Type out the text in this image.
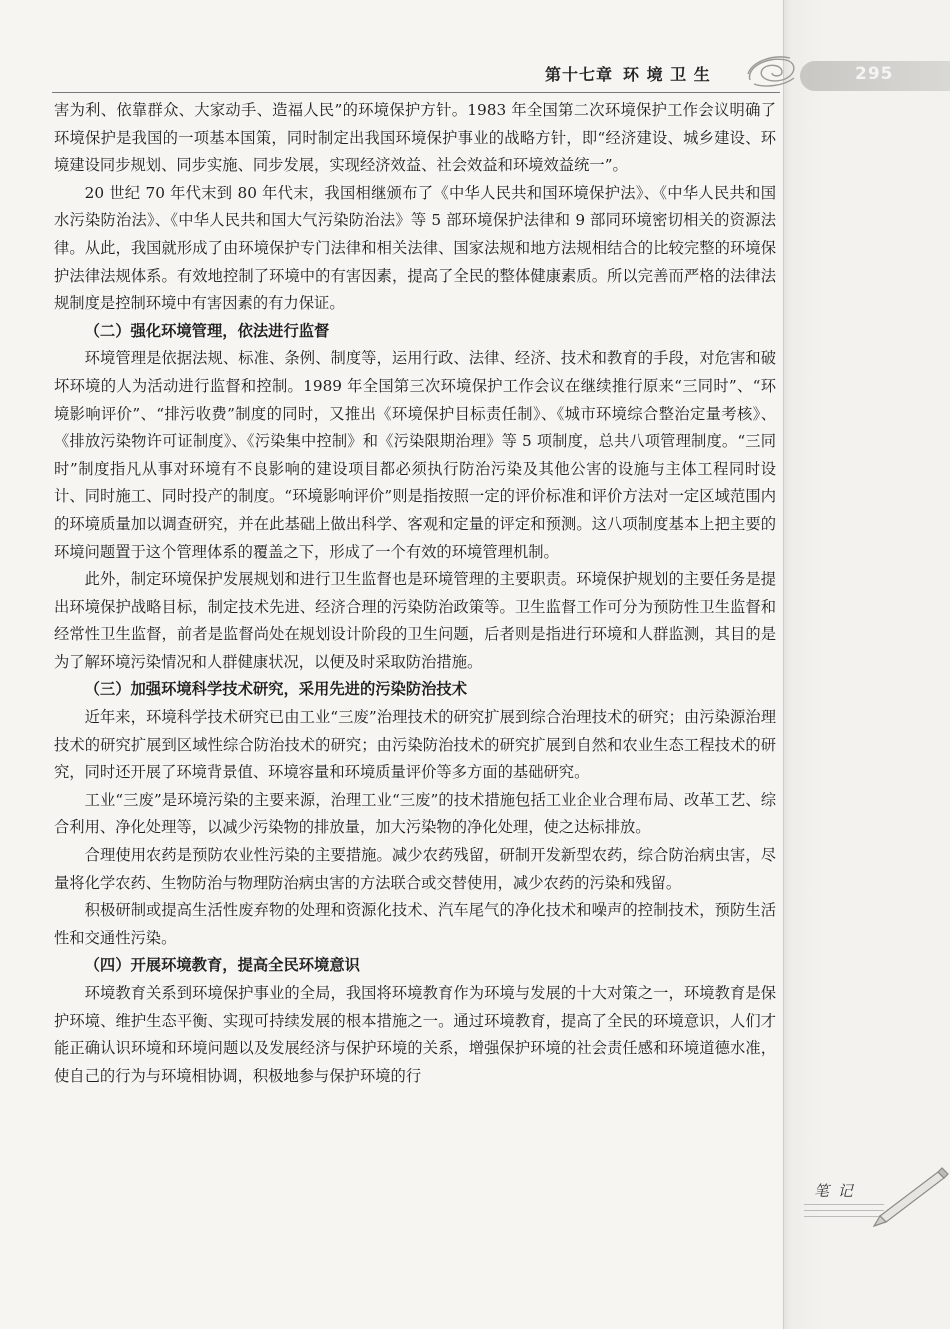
第十七章 环 境 卫 生	295

害为利、依靠群众、大家动手、造福人民”的环境保护方针。1983 年全国第二次环境保护工作会议明确了环境保护是我国的一项基本国策，同时制定出我国环境保护事业的战略方针，即“经济建设、城乡建设、环境建设同步规划、同步实施、同步发展，实现经济效益、社会效益和环境效益统一”。

20 世纪 70 年代末到 80 年代末，我国相继颁布了《中华人民共和国环境保护法》、《中华人民共和国水污染防治法》、《中华人民共和国大气污染防治法》等 5 部环境保护法律和 9 部同环境密切相关的资源法律。从此，我国就形成了由环境保护专门法律和相关法律、国家法规和地方法规相结合的比较完整的环境保护法律法规体系。有效地控制了环境中的有害因素，提高了全民的整体健康素质。所以完善而严格的法律法规制度是控制环境中有害因素的有力保证。

（二）强化环境管理，依法进行监督

环境管理是依据法规、标准、条例、制度等，运用行政、法律、经济、技术和教育的手段，对危害和破坏环境的人为活动进行监督和控制。1989 年全国第三次环境保护工作会议在继续推行原来“三同时”、“环境影响评价”、“排污收费”制度的同时，又推出《环境保护目标责任制》、《城市环境综合整治定量考核》、《排放污染物许可证制度》、《污染集中控制》和《污染限期治理》等 5 项制度，总共八项管理制度。“三同时”制度指凡从事对环境有不良影响的建设项目都必须执行防治污染及其他公害的设施与主体工程同时设计、同时施工、同时投产的制度。“环境影响评价”则是指按照一定的评价标准和评价方法对一定区域范围内的环境质量加以调查研究，并在此基础上做出科学、客观和定量的评定和预测。这八项制度基本上把主要的环境问题置于这个管理体系的覆盖之下，形成了一个有效的环境管理机制。

此外，制定环境保护发展规划和进行卫生监督也是环境管理的主要职责。环境保护规划的主要任务是提出环境保护战略目标，制定技术先进、经济合理的污染防治政策等。卫生监督工作可分为预防性卫生监督和经常性卫生监督，前者是监督尚处在规划设计阶段的卫生问题，后者则是指进行环境和人群监测，其目的是为了解环境污染情况和人群健康状况，以便及时采取防治措施。

（三）加强环境科学技术研究，采用先进的污染防治技术

近年来，环境科学技术研究已由工业“三废”治理技术的研究扩展到综合治理技术的研究；由污染源治理技术的研究扩展到区域性综合防治技术的研究；由污染防治技术的研究扩展到自然和农业生态工程技术的研究，同时还开展了环境背景值、环境容量和环境质量评价等多方面的基础研究。

工业“三废”是环境污染的主要来源，治理工业“三废”的技术措施包括工业企业合理布局、改革工艺、综合利用、净化处理等，以减少污染物的排放量，加大污染物的净化处理，使之达标排放。

合理使用农药是预防农业性污染的主要措施。减少农药残留，研制开发新型农药，综合防治病虫害，尽量将化学农药、生物防治与物理防治病虫害的方法联合或交替使用，减少农药的污染和残留。

积极研制或提高生活性废弃物的处理和资源化技术、汽车尾气的净化技术和噪声的控制技术，预防生活性和交通性污染。

（四）开展环境教育，提高全民环境意识

环境教育关系到环境保护事业的全局，我国将环境教育作为环境与发展的十大对策之一，环境教育是保护环境、维护生态平衡、实现可持续发展的根本措施之一。通过环境教育，提高了全民的环境意识，人们才能正确认识环境和环境问题以及发展经济与保护环境的关系，增强保护环境的社会责任感和环境道德水准，使自己的行为与环境相协调，积极地参与保护环境的行

笔 记
